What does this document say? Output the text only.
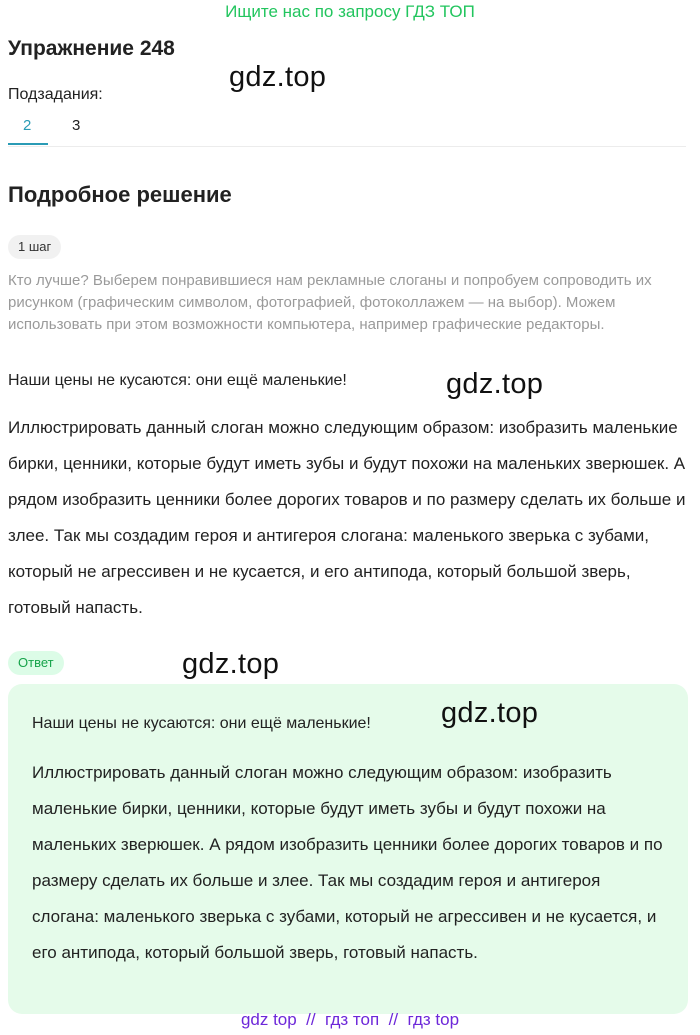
Ищите нас по запросу ГДЗ ТОП
Упражнение 248
gdz.top
Подзадания:
2	3
Подробное решение
1 шаг
Кто лучше? Выберем понравившиеся нам рекламные слоганы и попробуем сопроводить их рисунком (графическим символом, фотографией, фотоколлажем — на выбор). Можем использовать при этом возможности компьютера, например графические редакторы.
Наши цены не кусаются: они ещё маленькие!	gdz.top
Иллюстрировать данный слоган можно следующим образом: изобразить маленькие бирки, ценники, которые будут иметь зубы и будут похожи на маленьких зверюшек. А рядом изобразить ценники более дорогих товаров и по размеру сделать их больше и злее. Так мы создадим героя и антигероя слогана: маленького зверька с зубами, который не агрессивен и не кусается, и его антипода, который большой зверь, готовый напасть.
Ответ	gdz.top
Наши цены не кусаются: они ещё маленькие! gdz.top
Иллюстрировать данный слоган можно следующим образом: изобразить маленькие бирки, ценники, которые будут иметь зубы и будут похожи на маленьких зверюшек. А рядом изобразить ценники более дорогих товаров и по размеру сделать их больше и злее. Так мы создадим героя и антигероя слогана: маленького зверька с зубами, который не агрессивен и не кусается, и его антипода, который большой зверь, готовый напасть.
gdz top  //  гдз топ  //  гдз top
